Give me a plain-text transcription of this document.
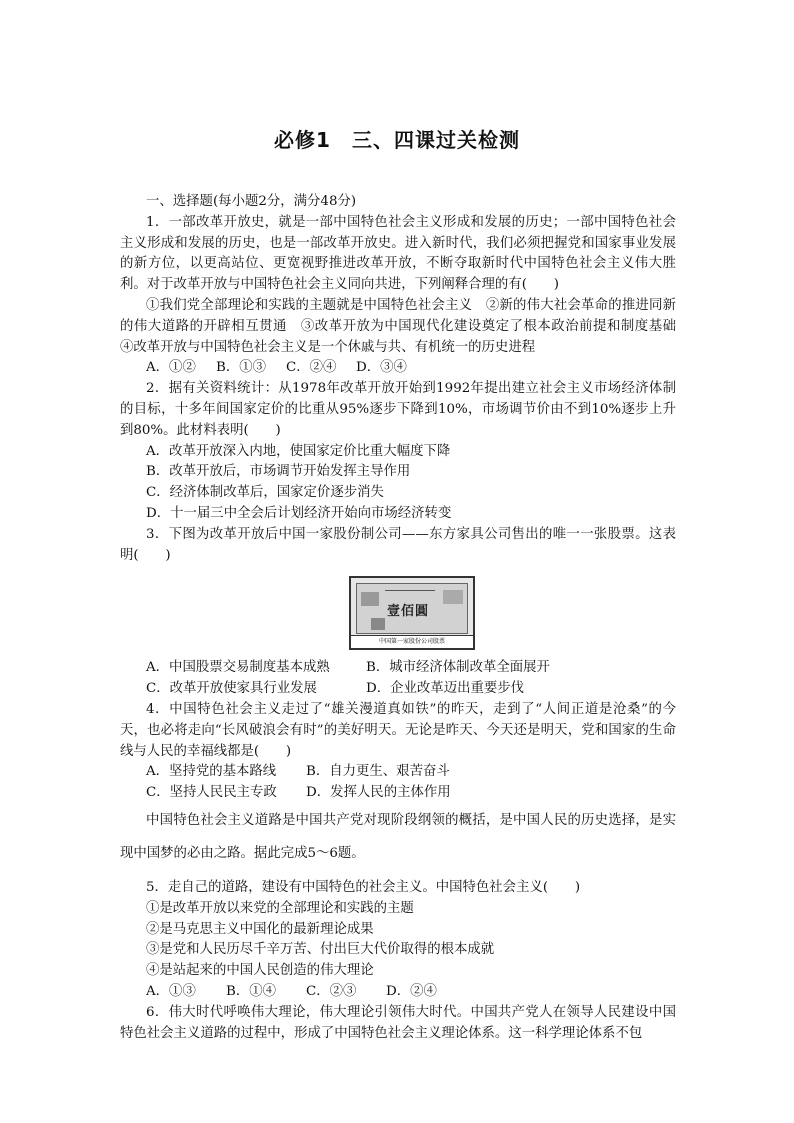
必修1　三、四课过关检测

一、选择题(每小题2分，满分48分)

1．一部改革开放史，就是一部中国特色社会主义形成和发展的历史；一部中国特色社会主义形成和发展的历史，也是一部改革开放史。进入新时代，我们必须把握党和国家事业发展的新方位，以更高站位、更宽视野推进改革开放，不断夺取新时代中国特色社会主义伟大胜利。对于改革开放与中国特色社会主义同向共进，下列阐释合理的有(　　)

①我们党全部理论和实践的主题就是中国特色社会主义　②新的伟大社会革命的推进同新的伟大道路的开辟相互贯通　③改革开放为中国现代化建设奠定了根本政治前提和制度基础　④改革开放与中国特色社会主义是一个休戚与共、有机统一的历史进程

A．①② B．①③ C．②④ D．③④

2．据有关资料统计：从1978年改革开放开始到1992年提出建立社会主义市场经济体制的目标，十多年间国家定价的比重从95%逐步下降到10%，市场调节价由不到10%逐步上升到80%。此材料表明(　　)

A．改革开放深入内地，使国家定价比重大幅度下降

B．改革开放后，市场调节开始发挥主导作用

C．经济体制改革后，国家定价逐步消失

D．十一届三中全会后计划经济开始向市场经济转变

3．下图为改革开放后中国一家股份制公司——东方家具公司售出的唯一一张股票。这表明(　　)

壹佰圓
中国第一家股份公司股票

A．中国股票交易制度基本成熟	B．城市经济体制改革全面展开

C．改革开放使家具行业发展	D．企业改革迈出重要步伐

4．中国特色社会主义走过了“雄关漫道真如铁”的昨天，走到了“人间正道是沧桑”的今天，也必将走向“长风破浪会有时”的美好明天。无论是昨天、今天还是明天，党和国家的生命线与人民的幸福线都是(　　)

A．坚持党的基本路线 B．自力更生、艰苦奋斗

C．坚持人民民主专政 D．发挥人民的主体作用

中国特色社会主义道路是中国共产党对现阶段纲领的概括，是中国人民的历史选择，是实现中国梦的必由之路。据此完成5～6题。

5．走自己的道路，建设有中国特色的社会主义。中国特色社会主义(　　)

①是改革开放以来党的全部理论和实践的主题

②是马克思主义中国化的最新理论成果

③是党和人民历尽千辛万苦、付出巨大代价取得的根本成就

④是站起来的中国人民创造的伟大理论

A．①③ B．①④ C．②③ D．②④

6．伟大时代呼唤伟大理论，伟大理论引领伟大时代。中国共产党人在领导人民建设中国特色社会主义道路的过程中，形成了中国特色社会主义理论体系。这一科学理论体系不包
